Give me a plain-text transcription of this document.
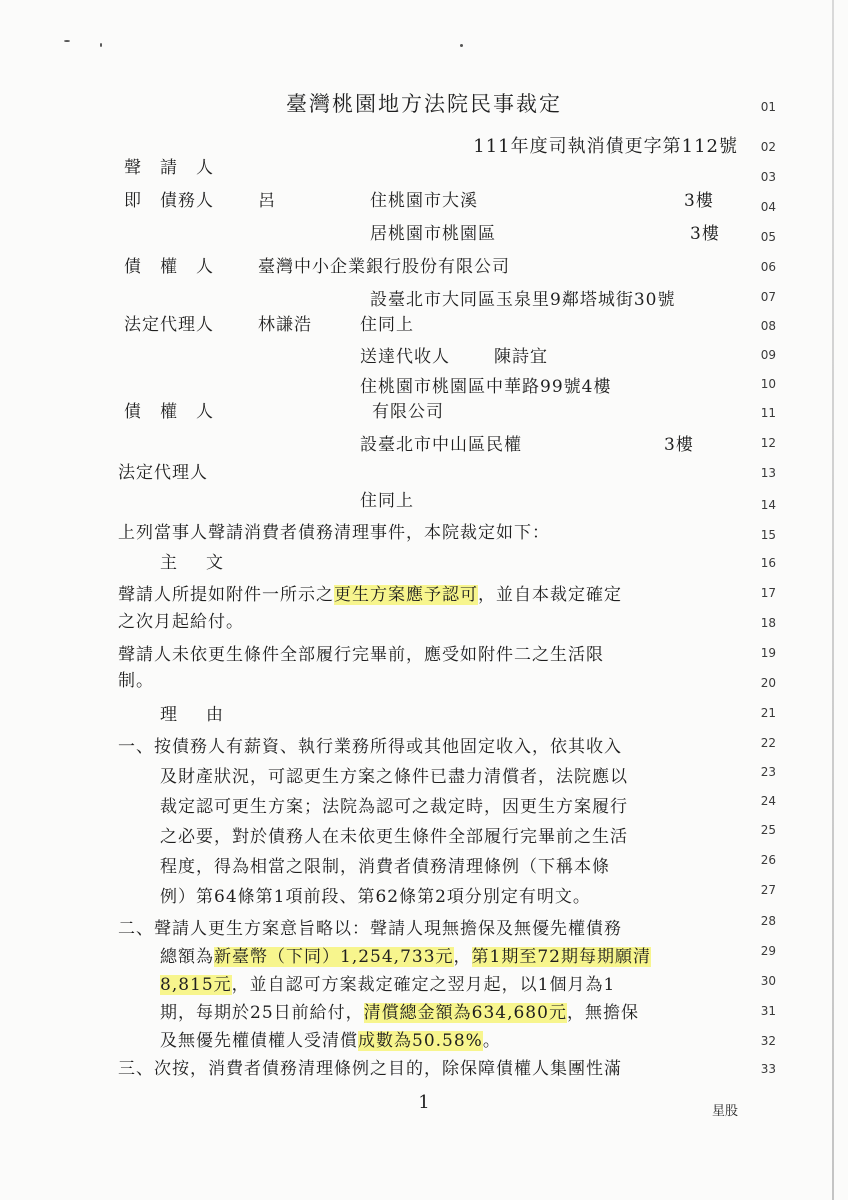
臺灣桃園地方法院民事裁定
111年度司執消債更字第112號
01
02
03
04
05
06
07
08
09
10
11
12
13
14
15
16
17
18
19
20
21
22
23
24
25
26
27
28
29
30
31
32
33
聲　請　人
即　債務人	呂	住桃園市大溪	3樓
居桃園市桃園區	3樓
債　權　人	臺灣中小企業銀行股份有限公司
設臺北市大同區玉泉里9鄰塔城街30號
法定代理人	林謙浩	住同上
送達代收人	陳詩宜
住桃園市桃園區中華路99號4樓
債　權　人	有限公司
設臺北市中山區民權	3樓
法定代理人
住同上
上列當事人聲請消費者債務清理事件，本院裁定如下：
主　文
聲請人所提如附件一所示之更生方案應予認可，並自本裁定確定
之次月起給付。
聲請人未依更生條件全部履行完畢前，應受如附件二之生活限
制。
理　由
一、按債務人有薪資、執行業務所得或其他固定收入，依其收入
及財產狀況，可認更生方案之條件已盡力清償者，法院應以
裁定認可更生方案；法院為認可之裁定時，因更生方案履行
之必要，對於債務人在未依更生條件全部履行完畢前之生活
程度，得為相當之限制，消費者債務清理條例（下稱本條
例）第64條第1項前段、第62條第2項分別定有明文。
二、聲請人更生方案意旨略以：聲請人現無擔保及無優先權債務
總額為新臺幣（下同）1,254,733元，第1期至72期每期願清
8,815元，並自認可方案裁定確定之翌月起，以1個月為1
期，每期於25日前給付，清償總金額為634,680元，無擔保
及無優先權債權人受清償成數為50.58%。
三、次按，消費者債務清理條例之目的，除保障債權人集團性滿
1	星股
